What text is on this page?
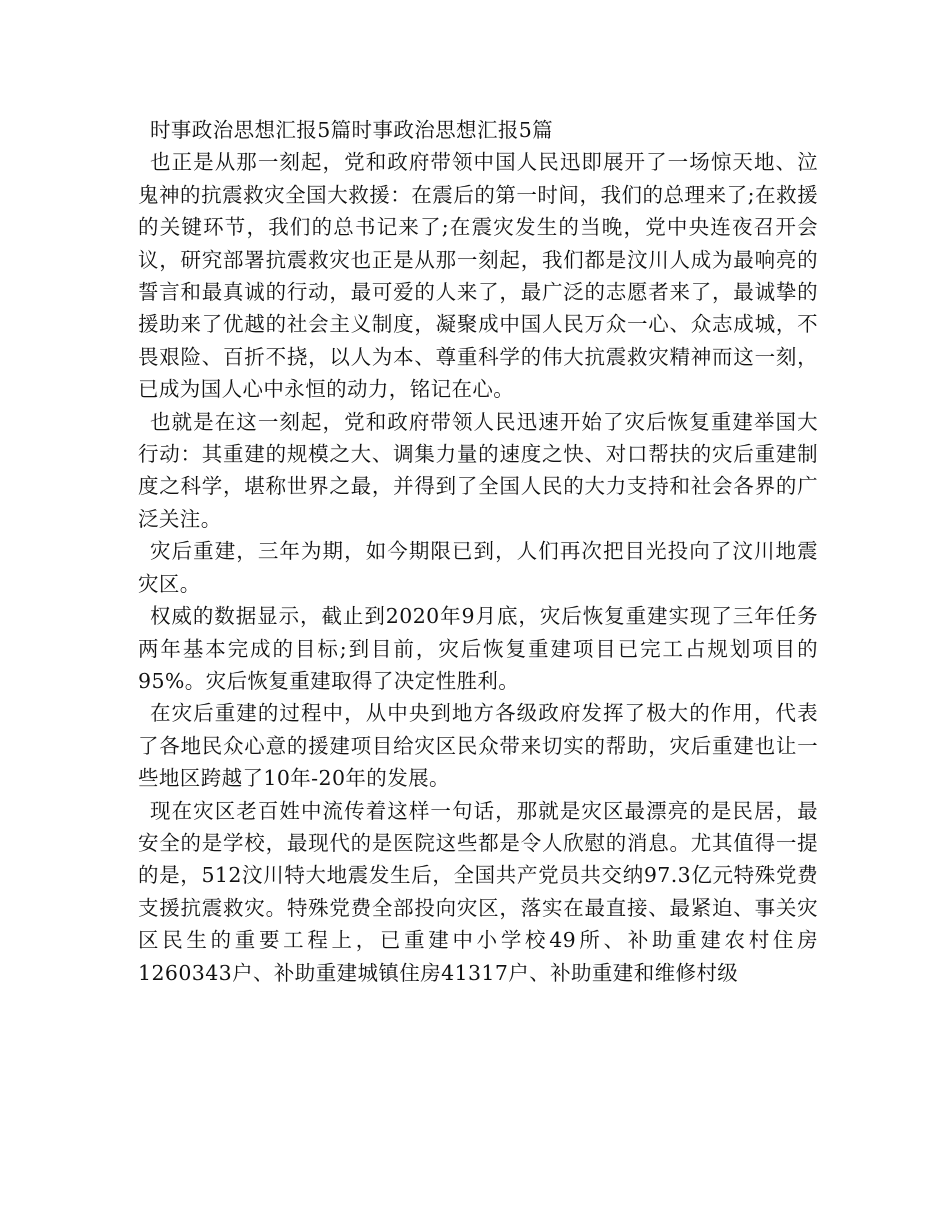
时事政治思想汇报5篇时事政治思想汇报5篇

也正是从那一刻起，党和政府带领中国人民迅即展开了一场惊天地、泣鬼神的抗震救灾全国大救援：在震后的第一时间，我们的总理来了;在救援的关键环节，我们的总书记来了;在震灾发生的当晚，党中央连夜召开会议，研究部署抗震救灾也正是从那一刻起，我们都是汶川人成为最响亮的誓言和最真诚的行动，最可爱的人来了，最广泛的志愿者来了，最诚挚的援助来了优越的社会主义制度，凝聚成中国人民万众一心、众志成城，不畏艰险、百折不挠，以人为本、尊重科学的伟大抗震救灾精神而这一刻，已成为国人心中永恒的动力，铭记在心。

也就是在这一刻起，党和政府带领人民迅速开始了灾后恢复重建举国大行动：其重建的规模之大、调集力量的速度之快、对口帮扶的灾后重建制度之科学，堪称世界之最，并得到了全国人民的大力支持和社会各界的广泛关注。

灾后重建，三年为期，如今期限已到，人们再次把目光投向了汶川地震灾区。

权威的数据显示，截止到2020年9月底，灾后恢复重建实现了三年任务两年基本完成的目标;到目前，灾后恢复重建项目已完工占规划项目的95%。灾后恢复重建取得了决定性胜利。

在灾后重建的过程中，从中央到地方各级政府发挥了极大的作用，代表了各地民众心意的援建项目给灾区民众带来切实的帮助，灾后重建也让一些地区跨越了10年-20年的发展。

现在灾区老百姓中流传着这样一句话，那就是灾区最漂亮的是民居，最安全的是学校，最现代的是医院这些都是令人欣慰的消息。尤其值得一提的是，512汶川特大地震发生后，全国共产党员共交纳97.3亿元特殊党费支援抗震救灾。特殊党费全部投向灾区，落实在最直接、最紧迫、事关灾区民生的重要工程上，已重建中小学校49所、补助重建农村住房1260343户、补助重建城镇住房41317户、补助重建和维修村级
